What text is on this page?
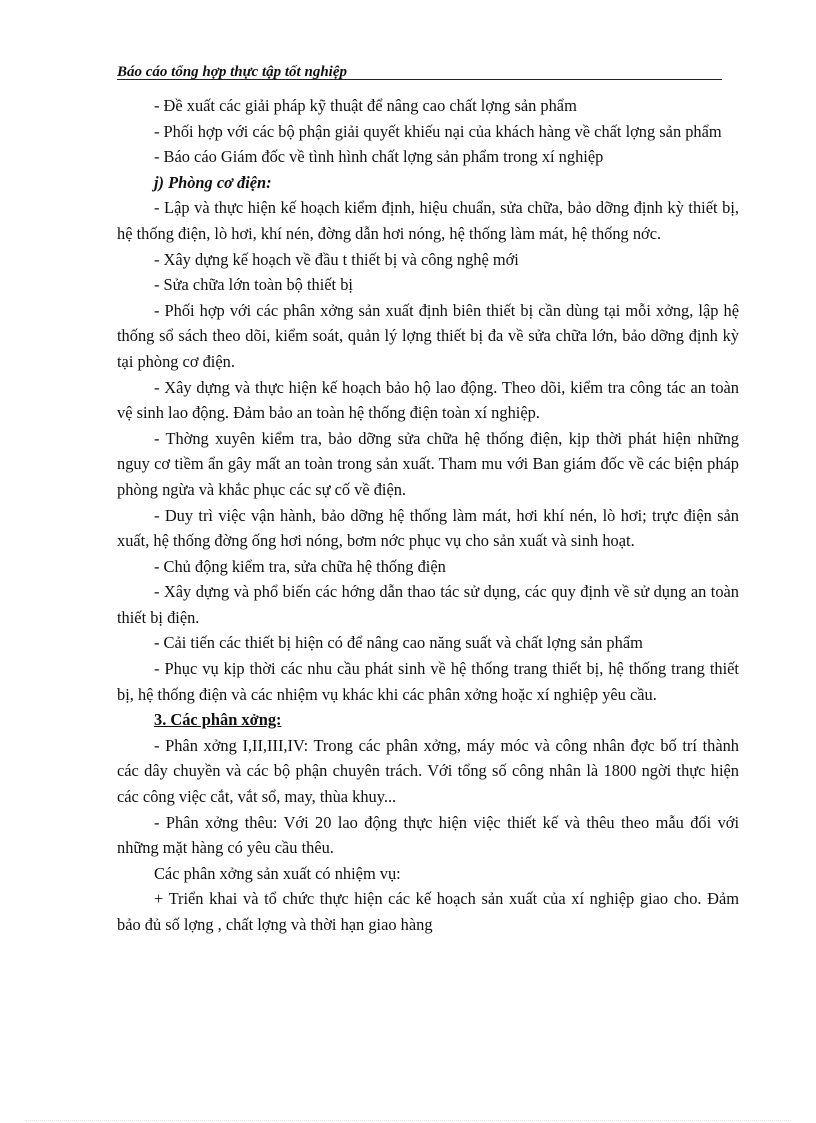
Báo cáo tổng hợp thực tập tốt nghiệp

- Đề xuất các giải pháp kỹ thuật để nâng cao chất lợng sản phẩm

- Phối hợp với các bộ phận giải quyết khiếu nại của khách hàng về chất lợng sản phẩm

- Báo cáo Giám đốc về tình hình chất lợng sản phẩm trong xí nghiệp

j) Phòng cơ điện:

- Lập và thực hiện kế hoạch kiểm định, hiệu chuẩn, sửa chữa, bảo dỡng định kỳ thiết bị, hệ thống điện, lò hơi, khí nén, đờng dẫn hơi nóng, hệ thống làm mát, hệ thống nớc.

- Xây dựng kế hoạch về đầu t thiết bị và công nghệ mới

- Sửa chữa lớn toàn bộ thiết bị

- Phối hợp với các phân xởng sản xuất định biên thiết bị cần dùng tại mỗi xởng, lập hệ thống sổ sách theo dõi, kiểm soát, quản lý lợng thiết bị đa về sửa chữa lớn, bảo dỡng định kỳ tại phòng cơ điện.

- Xây dựng và thực hiện kế hoạch bảo hộ lao động. Theo dõi, kiểm tra công tác an toàn vệ sinh lao động. Đảm bảo an toàn hệ thống điện toàn xí nghiệp.

- Thờng xuyên kiểm tra, bảo dỡng sửa chữa hệ thống điện, kịp thời phát hiện những nguy cơ tiềm ẩn gây mất an toàn trong sản xuất. Tham mu với Ban giám đốc về các biện pháp phòng ngừa và khắc phục các sự cố về điện.

- Duy trì việc vận hành, bảo dỡng hệ thống làm mát, hơi khí nén, lò hơi; trực điện sản xuất, hệ thống đờng ống hơi nóng, bơm nớc phục vụ cho sản xuất và sinh hoạt.

- Chủ động kiểm tra, sửa chữa hệ thống điện

- Xây dựng và phổ biến các hớng dẫn thao tác sử dụng, các quy định về sử dụng an toàn thiết bị điện.

- Cải tiến các thiết bị hiện có để nâng cao năng suất và chất lợng sản phẩm

- Phục vụ kịp thời các nhu cầu phát sinh về hệ thống trang thiết bị, hệ thống trang thiết bị, hệ thống điện và các nhiệm vụ khác khi các phân xởng hoặc xí nghiệp yêu cầu.

3. Các phân xởng:

- Phân xởng I,II,III,IV: Trong các phân xởng, máy móc và công nhân đợc bố trí thành các dây chuyền và các bộ phận chuyên trách. Với tổng số công nhân là 1800 ngời thực hiện các công việc cắt, vắt sổ, may, thùa khuy...

- Phân xởng thêu: Với 20 lao động thực hiện việc thiết kế và thêu theo mẫu đối với những mặt hàng có yêu cầu thêu.

Các phân xởng sản xuất có nhiệm vụ:

+ Triển khai và tổ chức thực hiện các kế hoạch sản xuất của xí nghiệp giao cho. Đảm bảo đủ số lợng , chất lợng và thời hạn giao hàng
